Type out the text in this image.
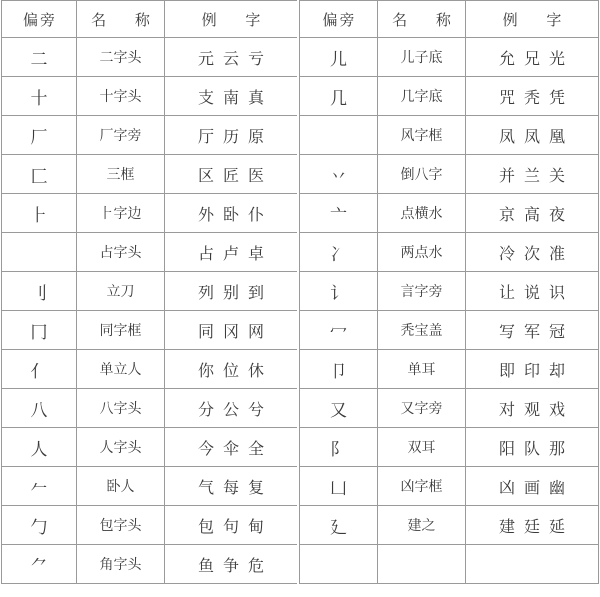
偏旁	名 称	例 字
二	二字头	元云亏
十	十字头	支南真
厂	厂字旁	厅历原
匚	三框	区匠医
⺊	⺊字边	外卧仆
	占字头	占卢卓
刂	立刀	列别到
冂	同字框	同冈网
亻	单立人	你位休
八	八字头	分公兮
人	人字头	今伞全
𠂉	卧人	气每复
勹	包字头	包句甸
⺈	角字头	鱼争危
偏旁	名 称	例 字
儿	儿子底	允兄光
几	几字底	咒秃凭
	风字框	凤凤凰
丷	倒八字	并兰关
亠	点横水	京高夜
冫	两点水	冷次准
讠	言字旁	让说识
冖	秃宝盖	写军冠
卩	单耳	即印却
又	又字旁	对观戏
阝	双耳	阳队那
凵	凶字框	凶画幽
廴	建之	建廷延
